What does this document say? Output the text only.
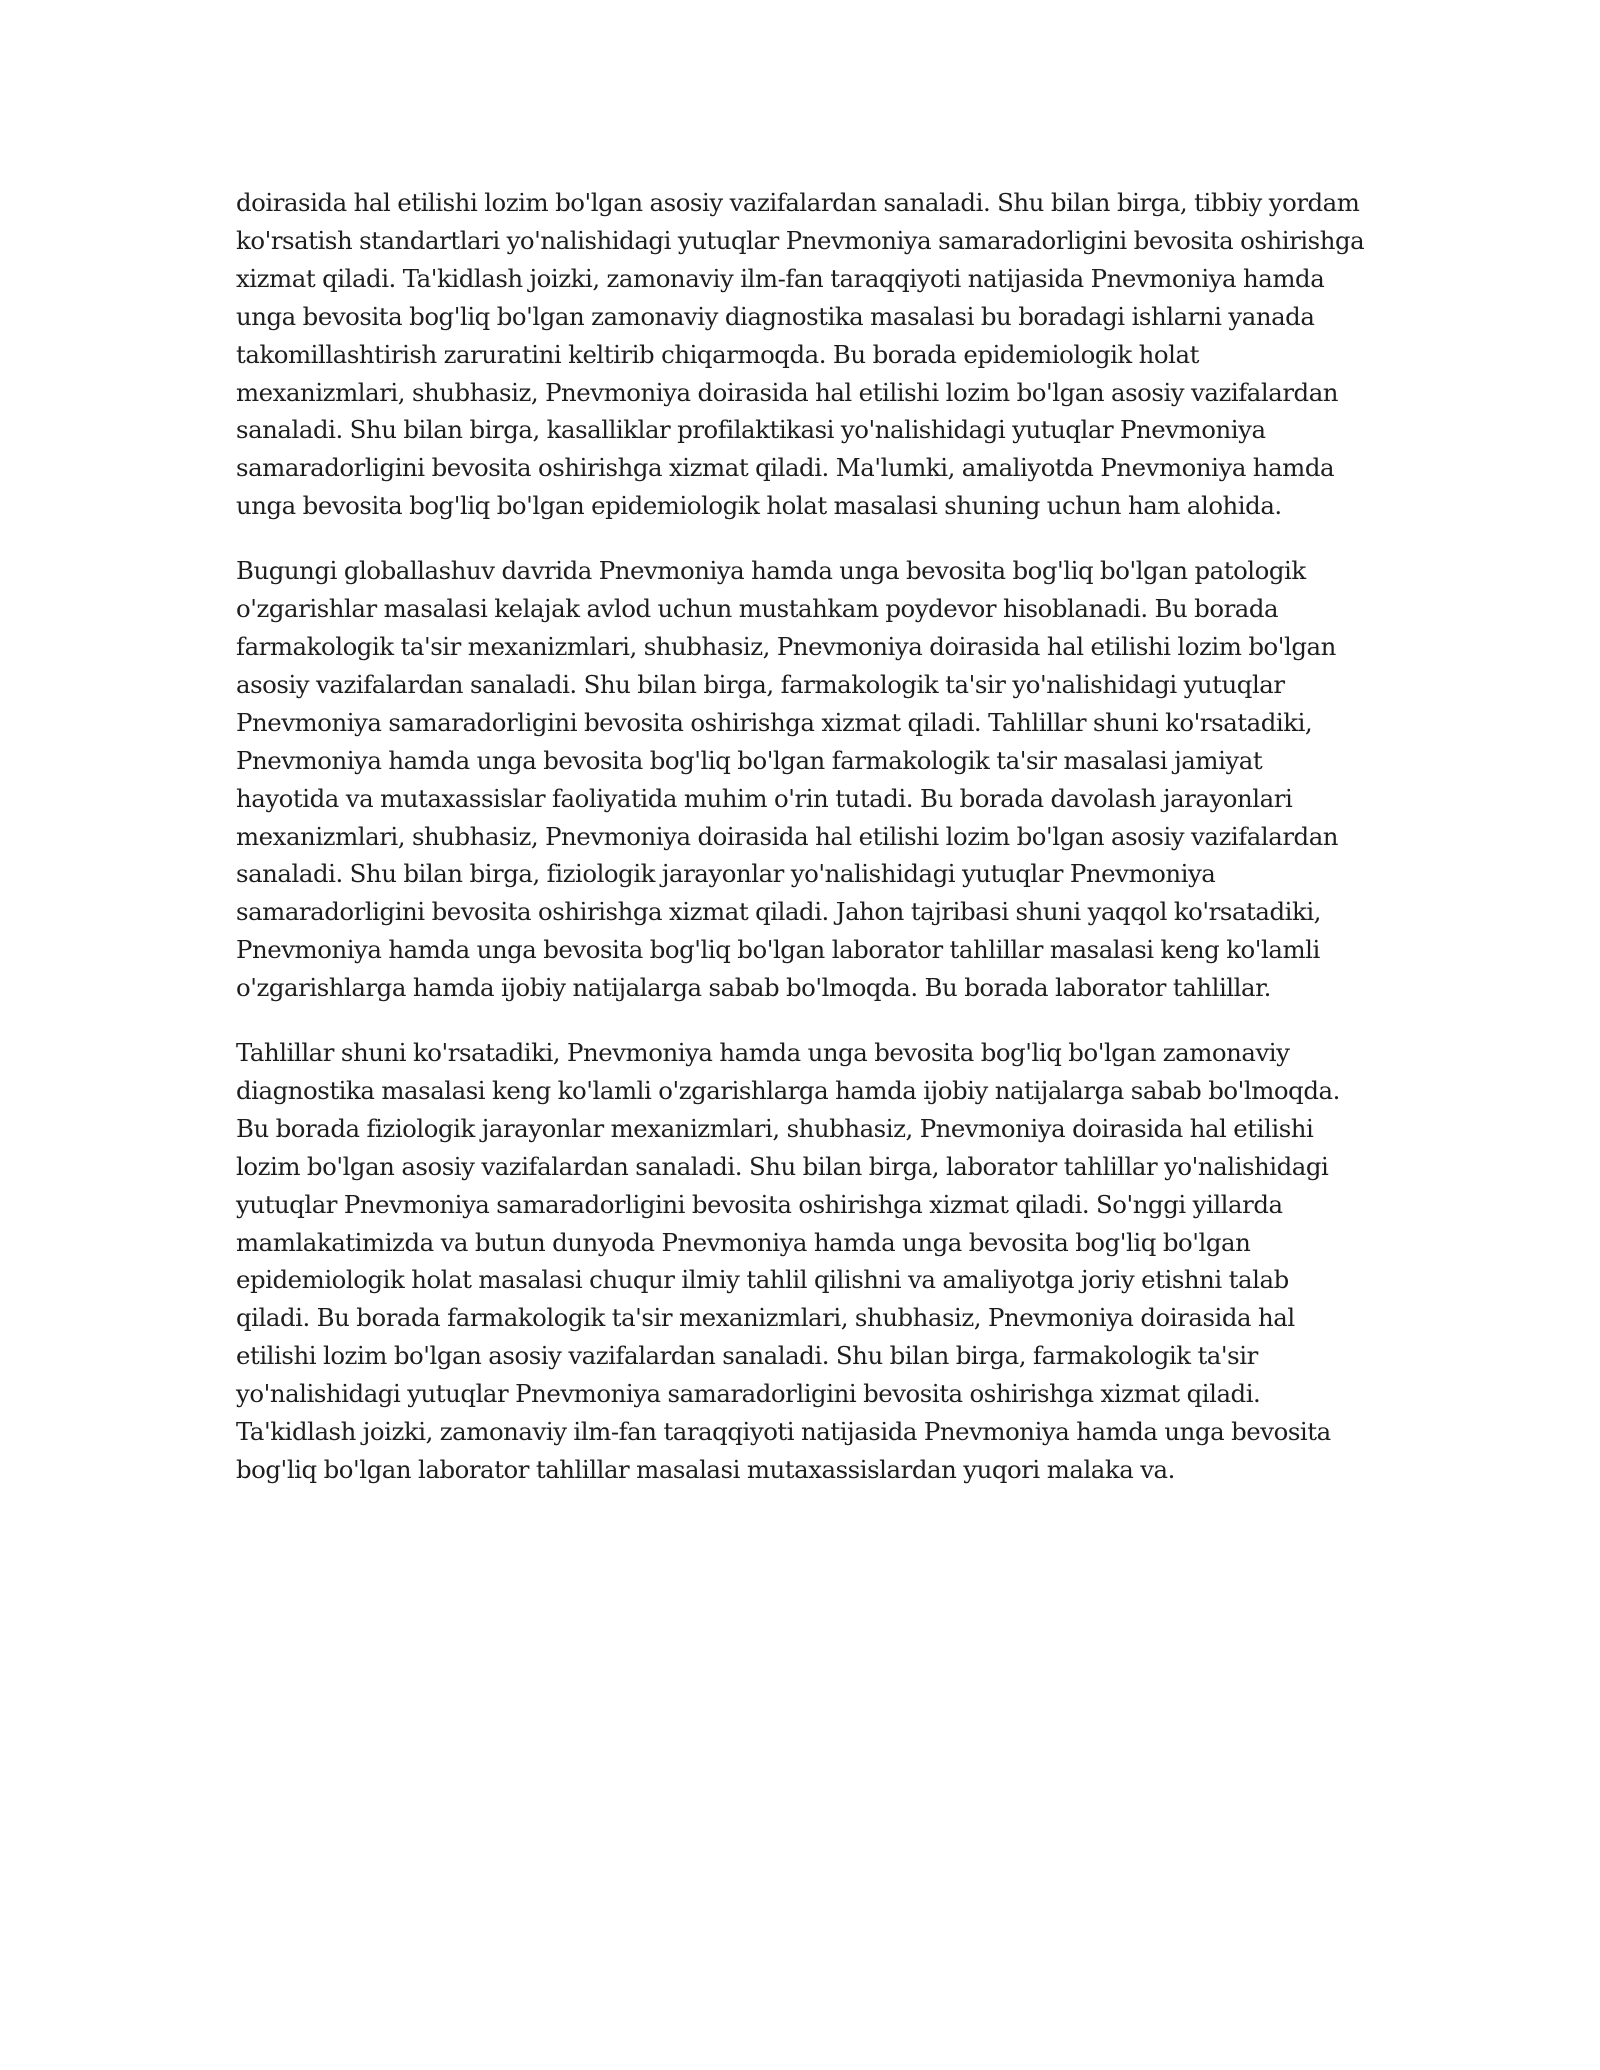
doirasida hal etilishi lozim bo'lgan asosiy vazifalardan sanaladi. Shu bilan birga, tibbiy yordam ko'rsatish standartlari yo'nalishidagi yutuqlar Pnevmoniya samaradorligini bevosita oshirishga xizmat qiladi. Ta'kidlash joizki, zamonaviy ilm-fan taraqqiyoti natijasida Pnevmoniya hamda unga bevosita bog'liq bo'lgan zamonaviy diagnostika masalasi bu boradagi ishlarni yanada takomillashtirish zaruratini keltirib chiqarmoqda. Bu borada epidemiologik holat mexanizmlari, shubhasiz, Pnevmoniya doirasida hal etilishi lozim bo'lgan asosiy vazifalardan sanaladi. Shu bilan birga, kasalliklar profilaktikasi yo'nalishidagi yutuqlar Pnevmoniya samaradorligini bevosita oshirishga xizmat qiladi. Ma'lumki, amaliyotda Pnevmoniya hamda unga bevosita bog'liq bo'lgan epidemiologik holat masalasi shuning uchun ham alohida.

Bugungi globallashuv davrida Pnevmoniya hamda unga bevosita bog'liq bo'lgan patologik o'zgarishlar masalasi kelajak avlod uchun mustahkam poydevor hisoblanadi. Bu borada farmakologik ta'sir mexanizmlari, shubhasiz, Pnevmoniya doirasida hal etilishi lozim bo'lgan asosiy vazifalardan sanaladi. Shu bilan birga, farmakologik ta'sir yo'nalishidagi yutuqlar Pnevmoniya samaradorligini bevosita oshirishga xizmat qiladi. Tahlillar shuni ko'rsatadiki, Pnevmoniya hamda unga bevosita bog'liq bo'lgan farmakologik ta'sir masalasi jamiyat hayotida va mutaxassislar faoliyatida muhim o'rin tutadi. Bu borada davolash jarayonlari mexanizmlari, shubhasiz, Pnevmoniya doirasida hal etilishi lozim bo'lgan asosiy vazifalardan sanaladi. Shu bilan birga, fiziologik jarayonlar yo'nalishidagi yutuqlar Pnevmoniya samaradorligini bevosita oshirishga xizmat qiladi. Jahon tajribasi shuni yaqqol ko'rsatadiki, Pnevmoniya hamda unga bevosita bog'liq bo'lgan laborator tahlillar masalasi keng ko'lamli o'zgarishlarga hamda ijobiy natijalarga sabab bo'lmoqda. Bu borada laborator tahlillar.

Tahlillar shuni ko'rsatadiki, Pnevmoniya hamda unga bevosita bog'liq bo'lgan zamonaviy diagnostika masalasi keng ko'lamli o'zgarishlarga hamda ijobiy natijalarga sabab bo'lmoqda. Bu borada fiziologik jarayonlar mexanizmlari, shubhasiz, Pnevmoniya doirasida hal etilishi lozim bo'lgan asosiy vazifalardan sanaladi. Shu bilan birga, laborator tahlillar yo'nalishidagi yutuqlar Pnevmoniya samaradorligini bevosita oshirishga xizmat qiladi. So'nggi yillarda mamlakatimizda va butun dunyoda Pnevmoniya hamda unga bevosita bog'liq bo'lgan epidemiologik holat masalasi chuqur ilmiy tahlil qilishni va amaliyotga joriy etishni talab qiladi. Bu borada farmakologik ta'sir mexanizmlari, shubhasiz, Pnevmoniya doirasida hal etilishi lozim bo'lgan asosiy vazifalardan sanaladi. Shu bilan birga, farmakologik ta'sir yo'nalishidagi yutuqlar Pnevmoniya samaradorligini bevosita oshirishga xizmat qiladi. Ta'kidlash joizki, zamonaviy ilm-fan taraqqiyoti natijasida Pnevmoniya hamda unga bevosita bog'liq bo'lgan laborator tahlillar masalasi mutaxassislardan yuqori malaka va.
